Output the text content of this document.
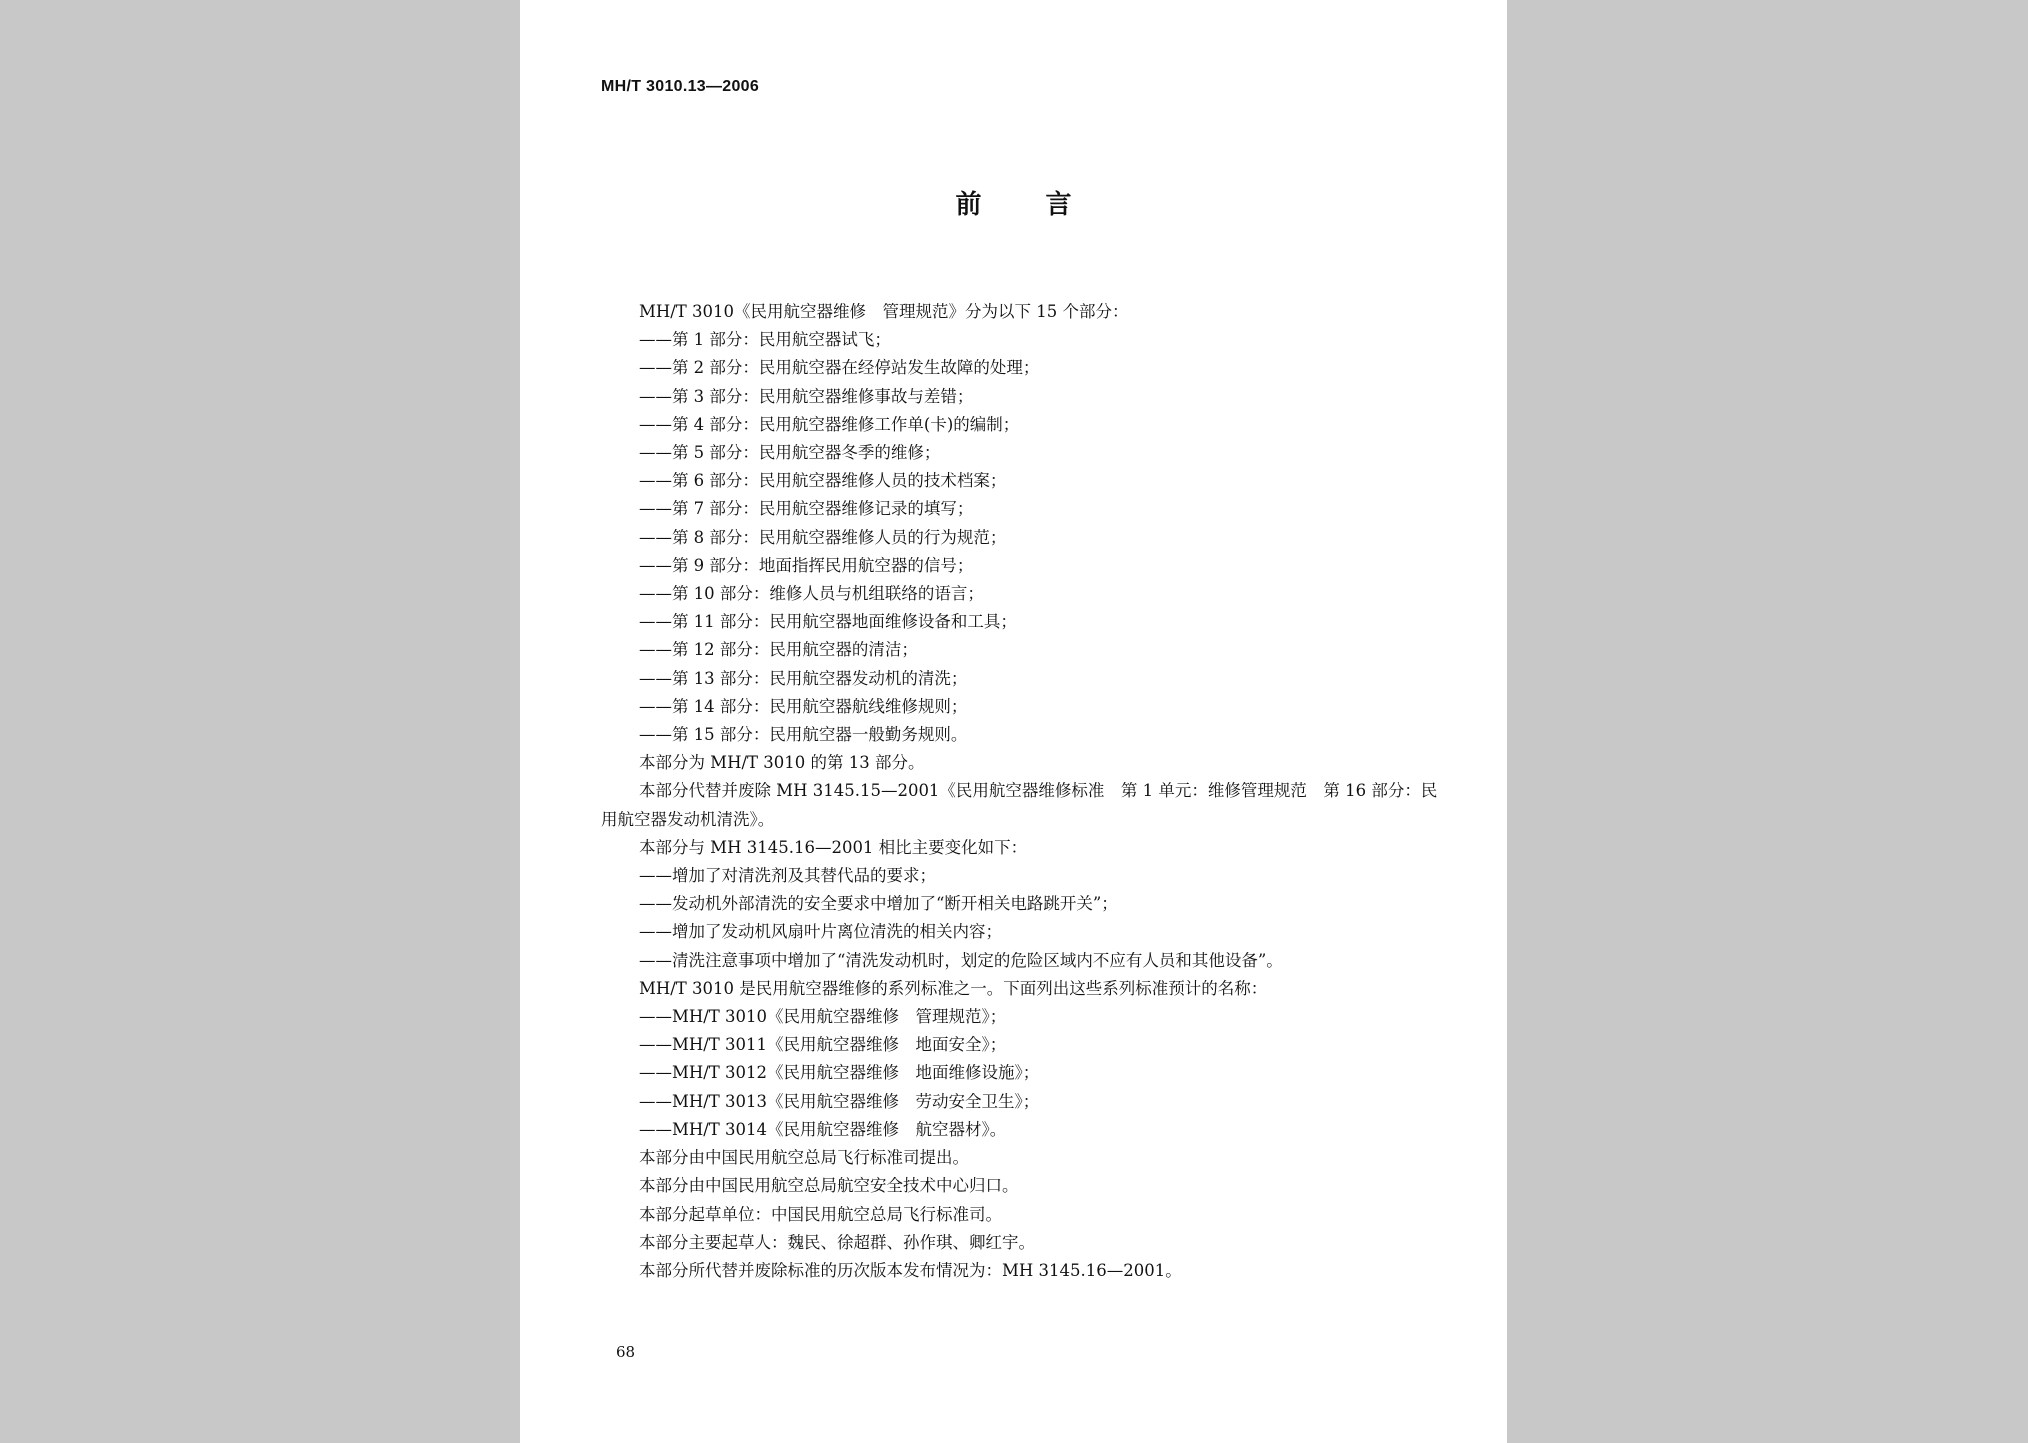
MH/T 3010.13—2006
前言
MH/T 3010《民用航空器维修　管理规范》分为以下 15 个部分：
——第 1 部分：民用航空器试飞；
——第 2 部分：民用航空器在经停站发生故障的处理；
——第 3 部分：民用航空器维修事故与差错；
——第 4 部分：民用航空器维修工作单(卡)的编制；
——第 5 部分：民用航空器冬季的维修；
——第 6 部分：民用航空器维修人员的技术档案；
——第 7 部分：民用航空器维修记录的填写；
——第 8 部分：民用航空器维修人员的行为规范；
——第 9 部分：地面指挥民用航空器的信号；
——第 10 部分：维修人员与机组联络的语言；
——第 11 部分：民用航空器地面维修设备和工具；
——第 12 部分：民用航空器的清洁；
——第 13 部分：民用航空器发动机的清洗；
——第 14 部分：民用航空器航线维修规则；
——第 15 部分：民用航空器一般勤务规则。
本部分为 MH/T 3010 的第 13 部分。
本部分代替并废除 MH 3145.15—2001《民用航空器维修标准　第 1 单元：维修管理规范　第 16 部分：民用航空器发动机清洗》。
本部分与 MH 3145.16—2001 相比主要变化如下：
——增加了对清洗剂及其替代品的要求；
——发动机外部清洗的安全要求中增加了“断开相关电路跳开关”；
——增加了发动机风扇叶片离位清洗的相关内容；
——清洗注意事项中增加了“清洗发动机时，划定的危险区域内不应有人员和其他设备”。
MH/T 3010 是民用航空器维修的系列标准之一。下面列出这些系列标准预计的名称：
——MH/T 3010《民用航空器维修　管理规范》；
——MH/T 3011《民用航空器维修　地面安全》；
——MH/T 3012《民用航空器维修　地面维修设施》；
——MH/T 3013《民用航空器维修　劳动安全卫生》；
——MH/T 3014《民用航空器维修　航空器材》。
本部分由中国民用航空总局飞行标准司提出。
本部分由中国民用航空总局航空安全技术中心归口。
本部分起草单位：中国民用航空总局飞行标准司。
本部分主要起草人：魏民、徐超群、孙作琪、卿红宇。
本部分所代替并废除标准的历次版本发布情况为：MH 3145.16—2001。
68
